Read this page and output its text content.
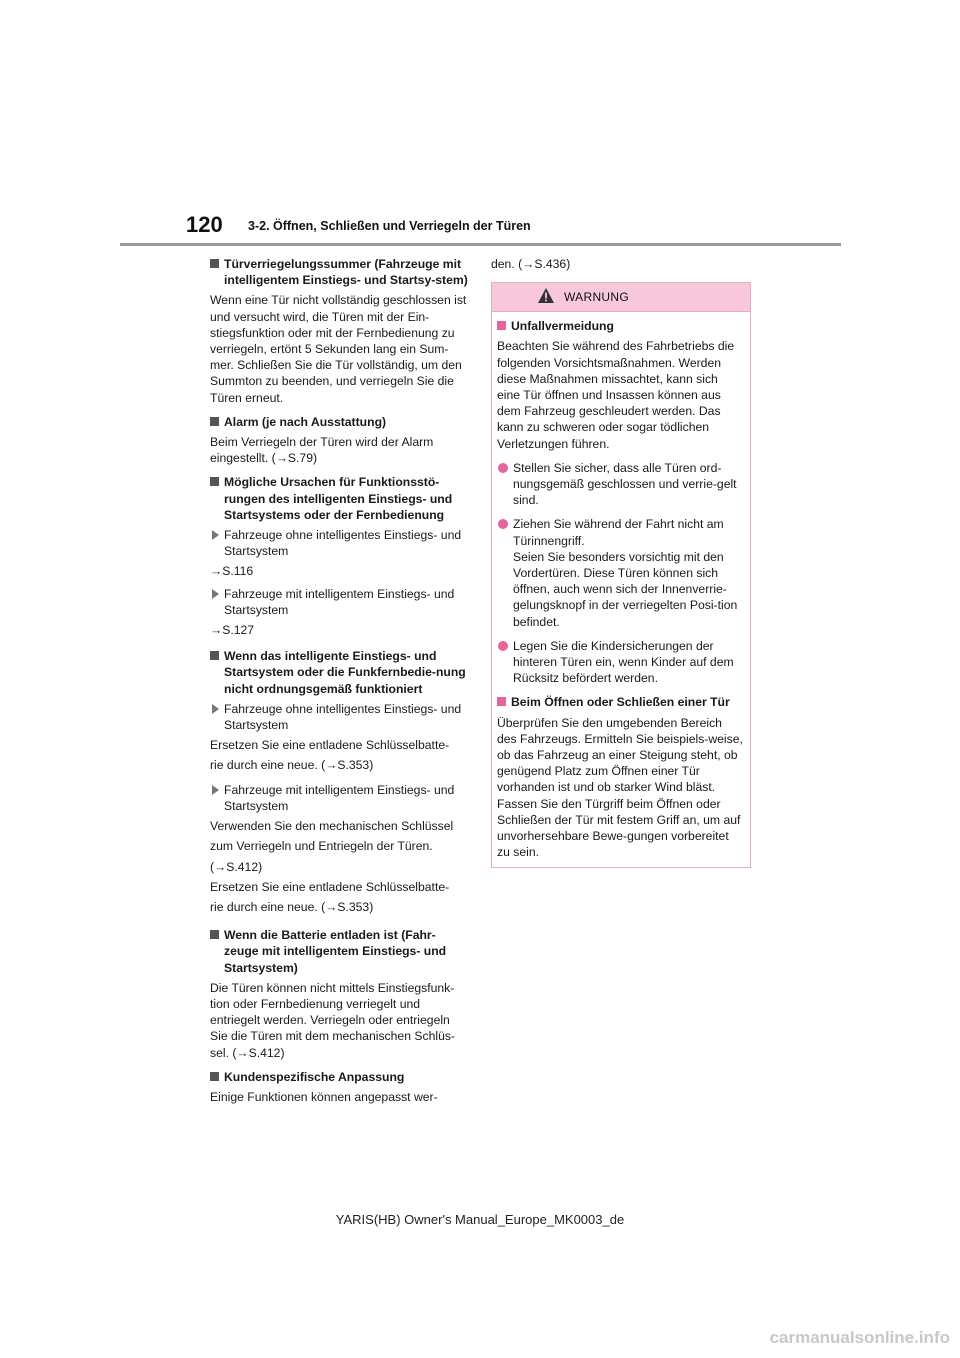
120 3-2. Öffnen, Schließen und Verriegeln der Türen

Türverriegelungssummer (Fahrzeuge mit intelligentem Einstiegs- und Startsy-stem)

Wenn eine Tür nicht vollständig geschlossen ist und versucht wird, die Türen mit der Ein-stiegsfunktion oder mit der Fernbedienung zu verriegeln, ertönt 5 Sekunden lang ein Sum-mer. Schließen Sie die Tür vollständig, um den Summton zu beenden, und verriegeln Sie die Türen erneut.

Alarm (je nach Ausstattung)

Beim Verriegeln der Türen wird der Alarm eingestellt. (→S.79)

Mögliche Ursachen für Funktionsstö-rungen des intelligenten Einstiegs- und Startsystems oder der Fernbedienung

Fahrzeuge ohne intelligentes Einstiegs- und Startsystem

→S.116

Fahrzeuge mit intelligentem Einstiegs- und Startsystem

→S.127

Wenn das intelligente Einstiegs- und Startsystem oder die Funkfernbedie-nung nicht ordnungsgemäß funktioniert

Fahrzeuge ohne intelligentes Einstiegs- und Startsystem

Ersetzen Sie eine entladene Schlüsselbatte-

rie durch eine neue. (→S.353)

Fahrzeuge mit intelligentem Einstiegs- und Startsystem

Verwenden Sie den mechanischen Schlüssel

zum Verriegeln und Entriegeln der Türen.

(→S.412)

Ersetzen Sie eine entladene Schlüsselbatte-

rie durch eine neue. (→S.353)

Wenn die Batterie entladen ist (Fahr-zeuge mit intelligentem Einstiegs- und Startsystem)

Die Türen können nicht mittels Einstiegsfunk-tion oder Fernbedienung verriegelt und entriegelt werden. Verriegeln oder entriegeln Sie die Türen mit dem mechanischen Schlüs-sel. (→S.412)

Kundenspezifische Anpassung

Einige Funktionen können angepasst wer-

den. (→S.436)

WARNUNG

Unfallvermeidung

Beachten Sie während des Fahrbetriebs die folgenden Vorsichtsmaßnahmen. Werden diese Maßnahmen missachtet, kann sich eine Tür öffnen und Insassen können aus dem Fahrzeug geschleudert werden. Das kann zu schweren oder sogar tödlichen Verletzungen führen.

Stellen Sie sicher, dass alle Türen ord-nungsgemäß geschlossen und verrie-gelt sind.

Ziehen Sie während der Fahrt nicht am Türinnengriff.

Seien Sie besonders vorsichtig mit den Vordertüren. Diese Türen können sich öffnen, auch wenn sich der Innenverrie-gelungsknopf in der verriegelten Posi-tion befindet.

Legen Sie die Kindersicherungen der hinteren Türen ein, wenn Kinder auf dem Rücksitz befördert werden.

Beim Öffnen oder Schließen einer Tür

Überprüfen Sie den umgebenden Bereich des Fahrzeugs. Ermitteln Sie beispiels-weise, ob das Fahrzeug an einer Steigung steht, ob genügend Platz zum Öffnen einer Tür vorhanden ist und ob starker Wind bläst. Fassen Sie den Türgriff beim Öffnen oder Schließen der Tür mit festem Griff an, um auf unvorhersehbare Bewe-gungen vorbereitet zu sein.

YARIS(HB) Owner's Manual_Europe_MK0003_de
carmanualsonline.info
